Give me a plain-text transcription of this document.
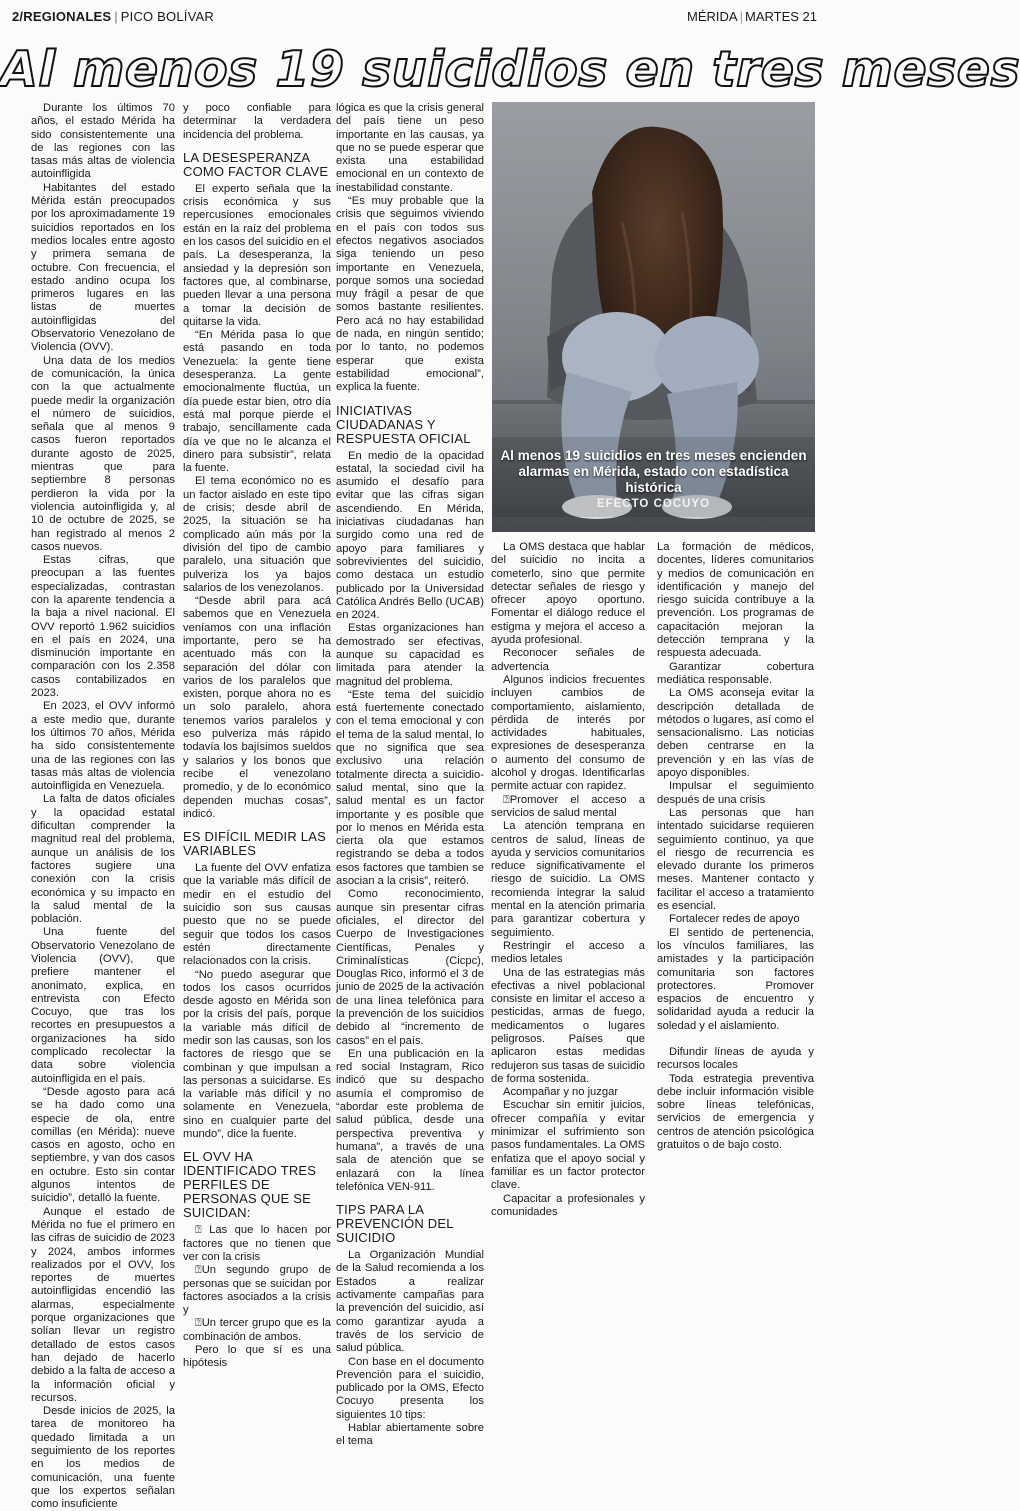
2/REGIONALES | PICO BOLÍVAR	MÉRIDA | MARTES 21
Al menos 19 suicidios en tres meses

Durante los últimos 70 años, el estado Mérida ha sido consistentemente una de las regiones con las tasas más altas de violencia autoinfligida

Habitantes del estado Mérida están preocupados por los aproximadamente 19 suicidios reportados en los medios locales entre agosto y primera semana de octubre. Con frecuencia, el estado andino ocupa los primeros lugares en las listas de muertes autoinfligidas del Observatorio Venezolano de Violencia (OVV).

Una data de los medios de comunicación, la única con la que actualmente puede medir la organización el número de suicidios, señala que al menos 9 casos fueron reportados durante agosto de 2025, mientras que para septiembre 8 personas perdieron la vida por la violencia autoinfligida y, al 10 de octubre de 2025, se han registrado al menos 2 casos nuevos.

Estas cifras, que preocupan a las fuentes especializadas, contrastan con la aparente tendencia a la baja a nivel nacional. El OVV reportó 1.962 suicidios en el país en 2024, una disminución importante en comparación con los 2.358 casos contabilizados en 2023.

En 2023, el OVV informó a este medio que, durante los últimos 70 años, Mérida ha sido consistentemente una de las regiones con las tasas más altas de violencia autoinfligida en Venezuela.

La falta de datos oficiales y la opacidad estatal dificultan comprender la magnitud real del problema, aunque un análisis de los factores sugiere una conexión con la crisis económica y su impacto en la salud mental de la población.

Una fuente del Observatorio Venezolano de Violencia (OVV), que prefiere mantener el anonimato, explica, en entrevista con Efecto Cocuyo, que tras los recortes en presupuestos a organizaciones ha sido complicado recolectar la data sobre violencia autoinfligida en el país.

“Desde agosto para acá se ha dado como una especie de ola, entre comillas (en Mérida): nueve casos en agosto, ocho en septiembre, y van dos casos en octubre. Esto sin contar algunos intentos de suicidio”, detalló la fuente.

Aunque el estado de Mérida no fue el primero en las cifras de suicidio de 2023 y 2024, ambos informes realizados por el OVV, los reportes de muertes autoinfligidas encendió las alarmas, especialmente porque organizaciones que solían llevar un registro detallado de estos casos han dejado de hacerlo debido a la falta de acceso a la información oficial y recursos.

Desde inicios de 2025, la tarea de monitoreo ha quedado limitada a un seguimiento de los reportes en los medios de comunicación, una fuente que los expertos señalan como insuficiente

y poco confiable para determinar la verdadera incidencia del problema.

LA DESESPERANZA COMO FACTOR CLAVE

El experto señala que la crisis económica y sus repercusiones emocionales están en la raíz del problema en los casos del suicidio en el país. La desesperanza, la ansiedad y la depresión son factores que, al combinarse, pueden llevar a una persona a tomar la decisión de quitarse la vida.

“En Mérida pasa lo que está pasando en toda Venezuela: la gente tiene desesperanza. La gente emocionalmente fluctúa, un día puede estar bien, otro día está mal porque pierde el trabajo, sencillamente cada día ve que no le alcanza el dinero para subsistir”, relata la fuente.

El tema económico no es un factor aislado en este tipo de crisis; desde abril de 2025, la situación se ha complicado aún más por la división del tipo de cambio paralelo, una situación que pulveriza los ya bajos salarios de los venezolanos.

“Desde abril para acá sabemos que en Venezuela veníamos con una inflación importante, pero se ha acentuado más con la separación del dólar con varios de los paralelos que existen, porque ahora no es un solo paralelo, ahora tenemos varios paralelos y eso pulveriza más rápido todavía los bajísimos sueldos y salarios y los bonos que recibe el venezolano promedio, y de lo económico dependen muchas cosas”, indicó.

ES DIFÍCIL MEDIR LAS VARIABLES

La fuente del OVV enfatiza que la variable más difícil de medir en el estudio del suicidio son sus causas puesto que no se puede seguir que todos los casos estén directamente relacionados con la crisis.

“No puedo asegurar que todos los casos ocurridos desde agosto en Mérida son por la crisis del país, porque la variable más difícil de medir son las causas, son los factores de riesgo que se combinan y que impulsan a las personas a suicidarse. Es la variable más difícil y no solamente en Venezuela, sino en cualquier parte del mundo”, dice la fuente.

EL OVV HA IDENTIFICADO TRES PERFILES DE PERSONAS QUE SE SUICIDAN:

⍰ Las que lo hacen por factores que no tienen que ver con la crisis

⍰Un segundo grupo de personas que se suicidan por factores asociados a la crisis y

⍰Un tercer grupo que es la combinación de ambos.

Pero lo que sí es una hipótesis

lógica es que la crisis general del país tiene un peso importante en las causas, ya que no se puede esperar que exista una estabilidad emocional en un contexto de inestabilidad constante.

“Es muy probable que la crisis que seguimos viviendo en el país con todos sus efectos negativos asociados siga teniendo un peso importante en Venezuela, porque somos una sociedad muy frágil a pesar de que somos bastante resilientes. Pero acá no hay estabilidad de nada, en ningún sentido; por lo tanto, no podemos esperar que exista estabilidad emocional”, explica la fuente.

INICIATIVAS CIUDADANAS Y RESPUESTA OFICIAL

En medio de la opacidad estatal, la sociedad civil ha asumido el desafío para evitar que las cifras sigan ascendiendo. En Mérida, iniciativas ciudadanas han surgido como una red de apoyo para familiares y sobrevivientes del suicidio, como destaca un estudio publicado por la Universidad Católica Andrés Bello (UCAB) en 2024.

Estas organizaciones han demostrado ser efectivas, aunque su capacidad es limitada para atender la magnitud del problema.

“Este tema del suicidio está fuertemente conectado con el tema emocional y con el tema de la salud mental, lo que no significa que sea exclusivo una relación totalmente directa a suicidio-salud mental, sino que la salud mental es un factor importante y es posible que por lo menos en Mérida esta cierta ola que estamos registrando se deba a todos esos factores que tambien se asocian a la crisis”, reiteró.

Como reconocimiento, aunque sin presentar cifras oficiales, el director del Cuerpo de Investigaciones Científicas, Penales y Criminalísticas (Cicpc), Douglas Rico, informó el 3 de junio de 2025 de la activación de una línea telefónica para la prevención de los suicidios debido al “incremento de casos” en el país.

En una publicación en la red social Instagram, Rico indicó que su despacho asumía el compromiso de “abordar este problema de salud pública, desde una perspectiva preventiva y humana”, a través de una sala de atención que se enlazará con la línea telefónica VEN-911.

TIPS PARA LA PREVENCIÓN DEL SUICIDIO

La Organización Mundial de la Salud recomienda a los Estados a realizar activamente campañas para la prevención del suicidio, así como garantizar ayuda a través de los servicio de salud pública.

Con base en el documento Prevención para el suicidio, publicado por la OMS, Efecto Cocuyo presenta los siguientes 10 tips:

Hablar abiertamente sobre el tema

Al menos 19 suicidios en tres meses encienden alarmas en Mérida, estado con estadística histórica
EFECTO COCUYO

La OMS destaca que hablar del suicidio no incita a cometerlo, sino que permite detectar señales de riesgo y ofrecer apoyo oportuno. Fomentar el diálogo reduce el estigma y mejora el acceso a ayuda profesional.

Reconocer señales de advertencia

Algunos indicios frecuentes incluyen cambios de comportamiento, aislamiento, pérdida de interés por actividades habituales, expresiones de desesperanza o aumento del consumo de alcohol y drogas. Identificarlas permite actuar con rapidez.

⍰Promover el acceso a servicios de salud mental

La atención temprana en centros de salud, líneas de ayuda y servicios comunitarios reduce significativamente el riesgo de suicidio. La OMS recomienda integrar la salud mental en la atención primaria para garantizar cobertura y seguimiento.

Restringir el acceso a medios letales

Una de las estrategias más efectivas a nivel poblacional consiste en limitar el acceso a pesticidas, armas de fuego, medicamentos o lugares peligrosos. Países que aplicaron estas medidas redujeron sus tasas de suicidio de forma sostenida.

Acompañar y no juzgar

Escuchar sin emitir juicios, ofrecer compañía y evitar minimizar el sufrimiento son pasos fundamentales. La OMS enfatiza que el apoyo social y familiar es un factor protector clave.

Capacitar a profesionales y comunidades

La formación de médicos, docentes, líderes comunitarios y medios de comunicación en identificación y manejo del riesgo suicida contribuye a la prevención. Los programas de capacitación mejoran la detección temprana y la respuesta adecuada.

Garantizar cobertura mediática responsable.

La OMS aconseja evitar la descripción detallada de métodos o lugares, así como el sensacionalismo. Las noticias deben centrarse en la prevención y en las vías de apoyo disponibles.

Impulsar el seguimiento después de una crisis

Las personas que han intentado suicidarse requieren seguimiento continuo, ya que el riesgo de recurrencia es elevado durante los primeros meses. Mantener contacto y facilitar el acceso a tratamiento es esencial.

Fortalecer redes de apoyo

El sentido de pertenencia, los vínculos familiares, las amistades y la participación comunitaria son factores protectores. Promover espacios de encuentro y solidaridad ayuda a reducir la soledad y el aislamiento.

Difundir líneas de ayuda y recursos locales

Toda estrategia preventiva debe incluir información visible sobre líneas telefónicas, servicios de emergencia y centros de atención psicológica gratuitos o de bajo costo.
